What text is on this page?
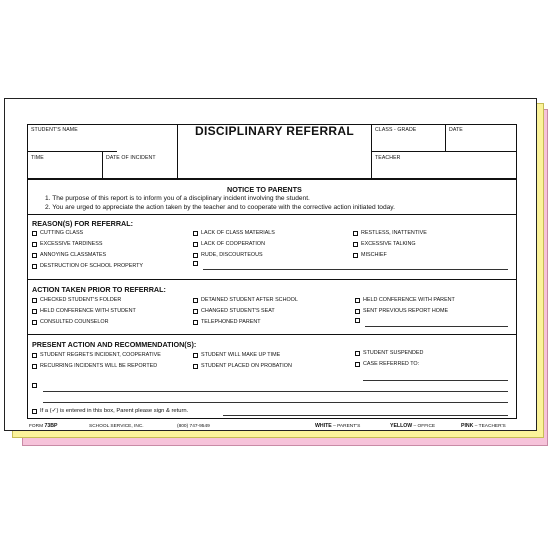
STUDENT'S NAME	DISCIPLINARY REFERRAL	CLASS - GRADE	DATE
TIME	DATE OF INCIDENT	TEACHER
NOTICE TO PARENTS
1. The purpose of this report is to inform you of a disciplinary incident involving the student.
2. You are urged to appreciate the action taken by the teacher and to cooperate with the corrective action initiated today.
REASON(S) FOR REFERRAL:
CUTTING CLASS
EXCESSIVE TARDINESS
ANNOYING CLASSMATES
DESTRUCTION OF SCHOOL PROPERTY
LACK OF CLASS MATERIALS
LACK OF COOPERATION
RUDE, DISCOURTEOUS
RESTLESS, INATTENTIVE
EXCESSIVE TALKING
MISCHIEF
ACTION TAKEN PRIOR TO REFERRAL:
CHECKED STUDENT'S FOLDER
HELD CONFERENCE WITH STUDENT
CONSULTED COUNSELOR
DETAINED STUDENT AFTER SCHOOL
CHANGED STUDENT'S SEAT
TELEPHONED PARENT
HELD CONFERENCE WITH PARENT
SENT PREVIOUS REPORT HOME
PRESENT ACTION AND RECOMMENDATION(S):
STUDENT REGRETS INCIDENT, COOPERATIVE
RECURRING INCIDENTS WILL BE REPORTED
STUDENT WILL MAKE UP TIME
STUDENT PLACED ON PROBATION
STUDENT SUSPENDED
CASE REFERRED TO:
If a (✓) is entered in this box, Parent please sign & return.
FORM 73BP	SCHOOL SERVICE, INC.	(800) 747-9549	WHITE – PARENT'S	YELLOW – OFFICE	PINK – TEACHER'S
